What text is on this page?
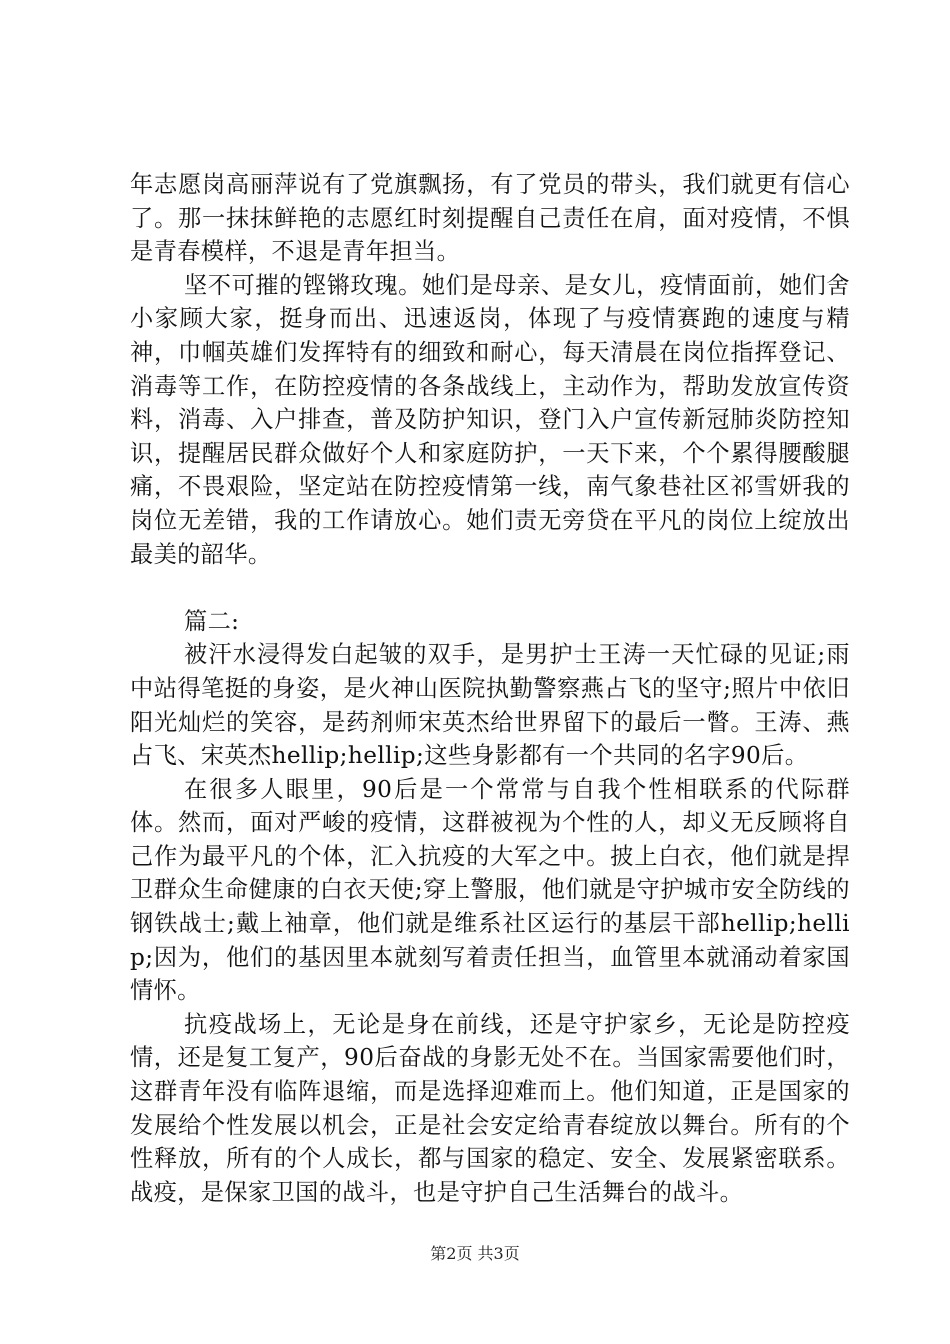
年志愿岗高丽萍说有了党旗飘扬，有了党员的带头，我们就更有信心了。那一抹抹鲜艳的志愿红时刻提醒自己责任在肩，面对疫情，不惧是青春模样，不退是青年担当。

坚不可摧的铿锵玫瑰。她们是母亲、是女儿，疫情面前，她们舍小家顾大家，挺身而出、迅速返岗，体现了与疫情赛跑的速度与精神，巾帼英雄们发挥特有的细致和耐心，每天清晨在岗位指挥登记、消毒等工作，在防控疫情的各条战线上，主动作为，帮助发放宣传资料，消毒、入户排查，普及防护知识，登门入户宣传新冠肺炎防控知识，提醒居民群众做好个人和家庭防护，一天下来，个个累得腰酸腿痛，不畏艰险，坚定站在防控疫情第一线，南气象巷社区祁雪妍我的岗位无差错，我的工作请放心。她们责无旁贷在平凡的岗位上绽放出最美的韶华。

篇二:

被汗水浸得发白起皱的双手，是男护士王涛一天忙碌的见证;雨中站得笔挺的身姿，是火神山医院执勤警察燕占飞的坚守;照片中依旧阳光灿烂的笑容，是药剂师宋英杰给世界留下的最后一瞥。王涛、燕占飞、宋英杰hellip;hellip;这些身影都有一个共同的名字90后。

在很多人眼里，90后是一个常常与自我个性相联系的代际群体。然而，面对严峻的疫情，这群被视为个性的人，却义无反顾将自己作为最平凡的个体，汇入抗疫的大军之中。披上白衣，他们就是捍卫群众生命健康的白衣天使;穿上警服，他们就是守护城市安全防线的钢铁战士;戴上袖章，他们就是维系社区运行的基层干部hellip;hellip;因为，他们的基因里本就刻写着责任担当，血管里本就涌动着家国情怀。

抗疫战场上，无论是身在前线，还是守护家乡，无论是防控疫情，还是复工复产，90后奋战的身影无处不在。当国家需要他们时，这群青年没有临阵退缩，而是选择迎难而上。他们知道，正是国家的发展给个性发展以机会，正是社会安定给青春绽放以舞台。所有的个性释放，所有的个人成长，都与国家的稳定、安全、发展紧密联系。战疫，是保家卫国的战斗，也是守护自己生活舞台的战斗。

第2页 共3页
